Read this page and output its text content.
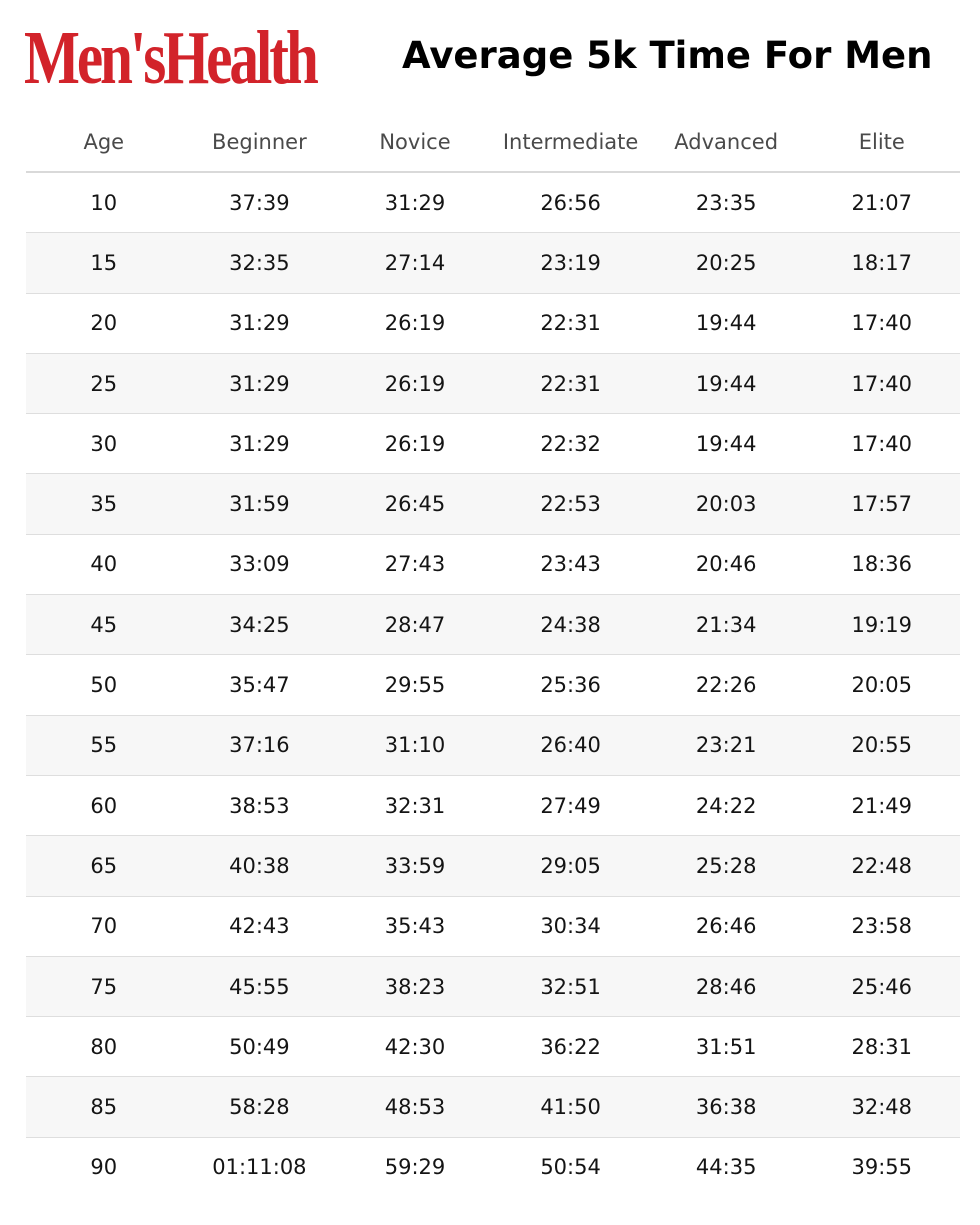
Men'sHealth Average 5k Time For Men
Age	Beginner	Novice	Intermediate	Advanced	Elite
10	37:39	31:29	26:56	23:35	21:07
15	32:35	27:14	23:19	20:25	18:17
20	31:29	26:19	22:31	19:44	17:40
25	31:29	26:19	22:31	19:44	17:40
30	31:29	26:19	22:32	19:44	17:40
35	31:59	26:45	22:53	20:03	17:57
40	33:09	27:43	23:43	20:46	18:36
45	34:25	28:47	24:38	21:34	19:19
50	35:47	29:55	25:36	22:26	20:05
55	37:16	31:10	26:40	23:21	20:55
60	38:53	32:31	27:49	24:22	21:49
65	40:38	33:59	29:05	25:28	22:48
70	42:43	35:43	30:34	26:46	23:58
75	45:55	38:23	32:51	28:46	25:46
80	50:49	42:30	36:22	31:51	28:31
85	58:28	48:53	41:50	36:38	32:48
90	01:11:08	59:29	50:54	44:35	39:55
